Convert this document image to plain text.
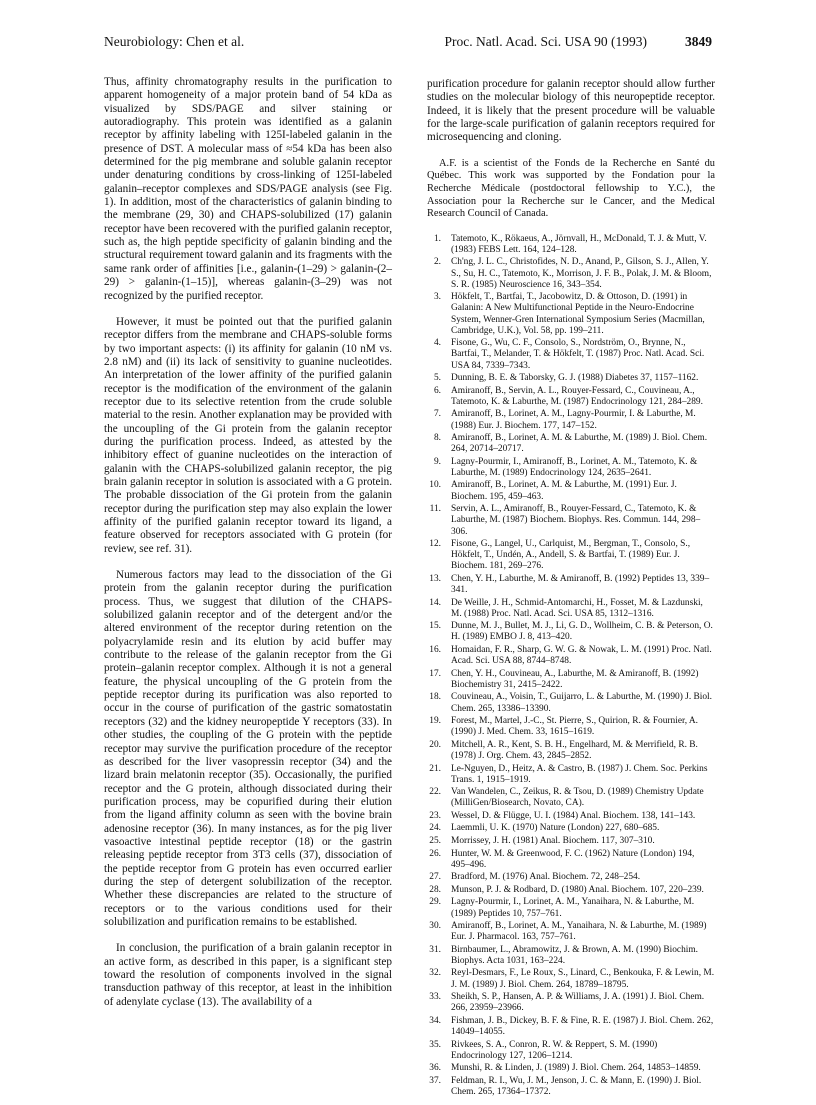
Neurobiology: Chen et al.	Proc. Natl. Acad. Sci. USA 90 (1993)	3849

Thus, affinity chromatography results in the purification to apparent homogeneity of a major protein band of 54 kDa as visualized by SDS/PAGE and silver staining or autoradiography. This protein was identified as a galanin receptor by affinity labeling with 125I-labeled galanin in the presence of DST. A molecular mass of ≈54 kDa has been also determined for the pig membrane and soluble galanin receptor under denaturing conditions by cross-linking of 125I-labeled galanin–receptor complexes and SDS/PAGE analysis (see Fig. 1). In addition, most of the characteristics of galanin binding to the membrane (29, 30) and CHAPS-solubilized (17) galanin receptor have been recovered with the purified galanin receptor, such as, the high peptide specificity of galanin binding and the structural requirement toward galanin and its fragments with the same rank order of affinities [i.e., galanin-(1–29) > galanin-(2–29) > galanin-(1–15)], whereas galanin-(3–29) was not recognized by the purified receptor.

However, it must be pointed out that the purified galanin receptor differs from the membrane and CHAPS-soluble forms by two important aspects: (i) its affinity for galanin (10 nM vs. 2.8 nM) and (ii) its lack of sensitivity to guanine nucleotides. An interpretation of the lower affinity of the purified galanin receptor is the modification of the environment of the galanin receptor due to its selective retention from the crude soluble material to the resin. Another explanation may be provided with the uncoupling of the Gi protein from the galanin receptor during the purification process. Indeed, as attested by the inhibitory effect of guanine nucleotides on the interaction of galanin with the CHAPS-solubilized galanin receptor, the pig brain galanin receptor in solution is associated with a G protein. The probable dissociation of the Gi protein from the galanin receptor during the purification step may also explain the lower affinity of the purified galanin receptor toward its ligand, a feature observed for receptors associated with G protein (for review, see ref. 31).

Numerous factors may lead to the dissociation of the Gi protein from the galanin receptor during the purification process. Thus, we suggest that dilution of the CHAPS-solubilized galanin receptor and of the detergent and/or the altered environment of the receptor during retention on the polyacrylamide resin and its elution by acid buffer may contribute to the release of the galanin receptor from the Gi protein–galanin receptor complex. Although it is not a general feature, the physical uncoupling of the G protein from the peptide receptor during its purification was also reported to occur in the course of purification of the gastric somatostatin receptors (32) and the kidney neuropeptide Y receptors (33). In other studies, the coupling of the G protein with the peptide receptor may survive the purification procedure of the receptor as described for the liver vasopressin receptor (34) and the lizard brain melatonin receptor (35). Occasionally, the purified receptor and the G protein, although dissociated during their purification process, may be copurified during their elution from the ligand affinity column as seen with the bovine brain adenosine receptor (36). In many instances, as for the pig liver vasoactive intestinal peptide receptor (18) or the gastrin releasing peptide receptor from 3T3 cells (37), dissociation of the peptide receptor from G protein has even occurred earlier during the step of detergent solubilization of the receptor. Whether these discrepancies are related to the structure of receptors or to the various conditions used for their solubilization and purification remains to be established.

In conclusion, the purification of a brain galanin receptor in an active form, as described in this paper, is a significant step toward the resolution of components involved in the signal transduction pathway of this receptor, at least in the inhibition of adenylate cyclase (13). The availability of a

purification procedure for galanin receptor should allow further studies on the molecular biology of this neuropeptide receptor. Indeed, it is likely that the present procedure will be valuable for the large-scale purification of galanin receptors required for microsequencing and cloning.

A.F. is a scientist of the Fonds de la Recherche en Santé du Québec. This work was supported by the Fondation pour la Recherche Médicale (postdoctoral fellowship to Y.C.), the Association pour la Recherche sur le Cancer, and the Medical Research Council of Canada.

1. Tatemoto, K., Rökaeus, A., Jörnvall, H., McDonald, T. J. & Mutt, V. (1983) FEBS Lett. 164, 124–128.
2. Ch'ng, J. L. C., Christofides, N. D., Anand, P., Gilson, S. J., Allen, Y. S., Su, H. C., Tatemoto, K., Morrison, J. F. B., Polak, J. M. & Bloom, S. R. (1985) Neuroscience 16, 343–354.
3. Hökfelt, T., Bartfai, T., Jacobowitz, D. & Ottoson, D. (1991) in Galanin: A New Multifunctional Peptide in the Neuro-Endocrine System, Wenner-Gren International Symposium Series (Macmillan, Cambridge, U.K.), Vol. 58, pp. 199–211.
4. Fisone, G., Wu, C. F., Consolo, S., Nordström, O., Brynne, N., Bartfai, T., Melander, T. & Hökfelt, T. (1987) Proc. Natl. Acad. Sci. USA 84, 7339–7343.
5. Dunning, B. E. & Taborsky, G. J. (1988) Diabetes 37, 1157–1162.
6. Amiranoff, B., Servin, A. L., Rouyer-Fessard, C., Couvineau, A., Tatemoto, K. & Laburthe, M. (1987) Endocrinology 121, 284–289.
7. Amiranoff, B., Lorinet, A. M., Lagny-Pourmir, I. & Laburthe, M. (1988) Eur. J. Biochem. 177, 147–152.
8. Amiranoff, B., Lorinet, A. M. & Laburthe, M. (1989) J. Biol. Chem. 264, 20714–20717.
9. Lagny-Pourmir, I., Amiranoff, B., Lorinet, A. M., Tatemoto, K. & Laburthe, M. (1989) Endocrinology 124, 2635–2641.
10. Amiranoff, B., Lorinet, A. M. & Laburthe, M. (1991) Eur. J. Biochem. 195, 459–463.
11. Servin, A. L., Amiranoff, B., Rouyer-Fessard, C., Tatemoto, K. & Laburthe, M. (1987) Biochem. Biophys. Res. Commun. 144, 298–306.
12. Fisone, G., Langel, U., Carlquist, M., Bergman, T., Consolo, S., Hökfelt, T., Undén, A., Andell, S. & Bartfai, T. (1989) Eur. J. Biochem. 181, 269–276.
13. Chen, Y. H., Laburthe, M. & Amiranoff, B. (1992) Peptides 13, 339–341.
14. De Weille, J. H., Schmid-Antomarchi, H., Fosset, M. & Lazdunski, M. (1988) Proc. Natl. Acad. Sci. USA 85, 1312–1316.
15. Dunne, M. J., Bullet, M. J., Li, G. D., Wollheim, C. B. & Peterson, O. H. (1989) EMBO J. 8, 413–420.
16. Homaidan, F. R., Sharp, G. W. G. & Nowak, L. M. (1991) Proc. Natl. Acad. Sci. USA 88, 8744–8748.
17. Chen, Y. H., Couvineau, A., Laburthe, M. & Amiranoff, B. (1992) Biochemistry 31, 2415–2422.
18. Couvineau, A., Voisin, T., Guijarro, L. & Laburthe, M. (1990) J. Biol. Chem. 265, 13386–13390.
19. Forest, M., Martel, J.-C., St. Pierre, S., Quirion, R. & Fournier, A. (1990) J. Med. Chem. 33, 1615–1619.
20. Mitchell, A. R., Kent, S. B. H., Engelhard, M. & Merrifield, R. B. (1978) J. Org. Chem. 43, 2845–2852.
21. Le-Nguyen, D., Heitz, A. & Castro, B. (1987) J. Chem. Soc. Perkins Trans. 1, 1915–1919.
22. Van Wandelen, C., Zeikus, R. & Tsou, D. (1989) Chemistry Update (MilliGen/Biosearch, Novato, CA).
23. Wessel, D. & Flügge, U. I. (1984) Anal. Biochem. 138, 141–143.
24. Laemmli, U. K. (1970) Nature (London) 227, 680–685.
25. Morrissey, J. H. (1981) Anal. Biochem. 117, 307–310.
26. Hunter, W. M. & Greenwood, F. C. (1962) Nature (London) 194, 495–496.
27. Bradford, M. (1976) Anal. Biochem. 72, 248–254.
28. Munson, P. J. & Rodbard, D. (1980) Anal. Biochem. 107, 220–239.
29. Lagny-Pourmir, I., Lorinet, A. M., Yanaihara, N. & Laburthe, M. (1989) Peptides 10, 757–761.
30. Amiranoff, B., Lorinet, A. M., Yanaihara, N. & Laburthe, M. (1989) Eur. J. Pharmacol. 163, 757–761.
31. Birnbaumer, L., Abramowitz, J. & Brown, A. M. (1990) Biochim. Biophys. Acta 1031, 163–224.
32. Reyl-Desmars, F., Le Roux, S., Linard, C., Benkouka, F. & Lewin, M. J. M. (1989) J. Biol. Chem. 264, 18789–18795.
33. Sheikh, S. P., Hansen, A. P. & Williams, J. A. (1991) J. Biol. Chem. 266, 23959–23966.
34. Fishman, J. B., Dickey, B. F. & Fine, R. E. (1987) J. Biol. Chem. 262, 14049–14055.
35. Rivkees, S. A., Conron, R. W. & Reppert, S. M. (1990) Endocrinology 127, 1206–1214.
36. Munshi, R. & Linden, J. (1989) J. Biol. Chem. 264, 14853–14859.
37. Feldman, R. I., Wu, J. M., Jenson, J. C. & Mann, E. (1990) J. Biol. Chem. 265, 17364–17372.
